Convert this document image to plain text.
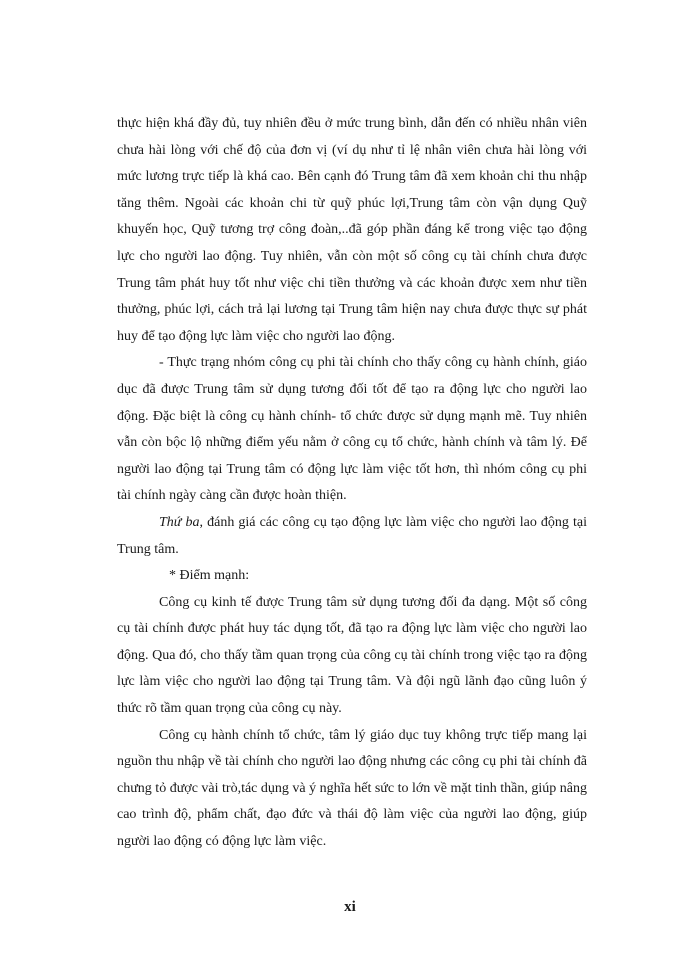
thực hiện khá đầy đủ, tuy nhiên đều ở mức trung bình, dẫn đến có nhiều nhân viên chưa hài lòng với chế độ của đơn vị (ví dụ như tỉ lệ nhân viên chưa hài lòng với mức lương trực tiếp là khá cao. Bên cạnh đó Trung tâm đã xem khoản chi thu nhập tăng thêm. Ngoài các khoản chi từ quỹ phúc lợi,Trung tâm còn vận dụng Quỹ khuyến học, Quỹ tương trợ công đoàn,..đã góp phần đáng kể trong việc tạo động lực cho người lao động. Tuy nhiên, vẫn còn một số công cụ tài chính chưa được Trung tâm phát huy tốt như việc chi tiền thưởng và các khoản được xem như tiền thưởng, phúc lợi, cách trả lại lương tại Trung tâm hiện nay chưa được thực sự phát huy để tạo động lực làm việc cho người lao động.

- Thực trạng nhóm công cụ phi tài chính cho thấy công cụ hành chính, giáo dục đã được Trung tâm sử dụng tương đối tốt để tạo ra động lực cho người lao động. Đặc biệt là công cụ hành chính- tổ chức được sử dụng mạnh mẽ. Tuy nhiên vẫn còn bộc lộ những điểm yếu nằm ở công cụ tổ chức, hành chính và tâm lý. Để người lao động tại Trung tâm có động lực làm việc tốt hơn, thì nhóm công cụ phi tài chính ngày càng cần được hoàn thiện.

Thứ ba, đánh giá các công cụ tạo động lực làm việc cho người lao động tại Trung tâm.

* Điểm mạnh:

Công cụ kinh tế được Trung tâm sử dụng tương đối đa dạng. Một số công cụ tài chính được phát huy tác dụng tốt, đã tạo ra động lực làm việc cho người lao động. Qua đó, cho thấy tầm quan trọng của công cụ tài chính trong việc tạo ra động lực làm việc cho người lao động tại Trung tâm. Và đội ngũ lãnh đạo cũng luôn ý thức rõ tầm quan trọng của công cụ này.

Công cụ hành chính tổ chức, tâm lý giáo dục tuy không trực tiếp mang lại nguồn thu nhập về tài chính cho người lao động nhưng các công cụ phi tài chính đã chưng tỏ được vài trò,tác dụng và ý nghĩa hết sức to lớn về mặt tinh thần, giúp nâng cao trình độ, phẩm chất, đạo đức và thái độ làm việc của người lao động, giúp người lao động có động lực làm việc.

xi
